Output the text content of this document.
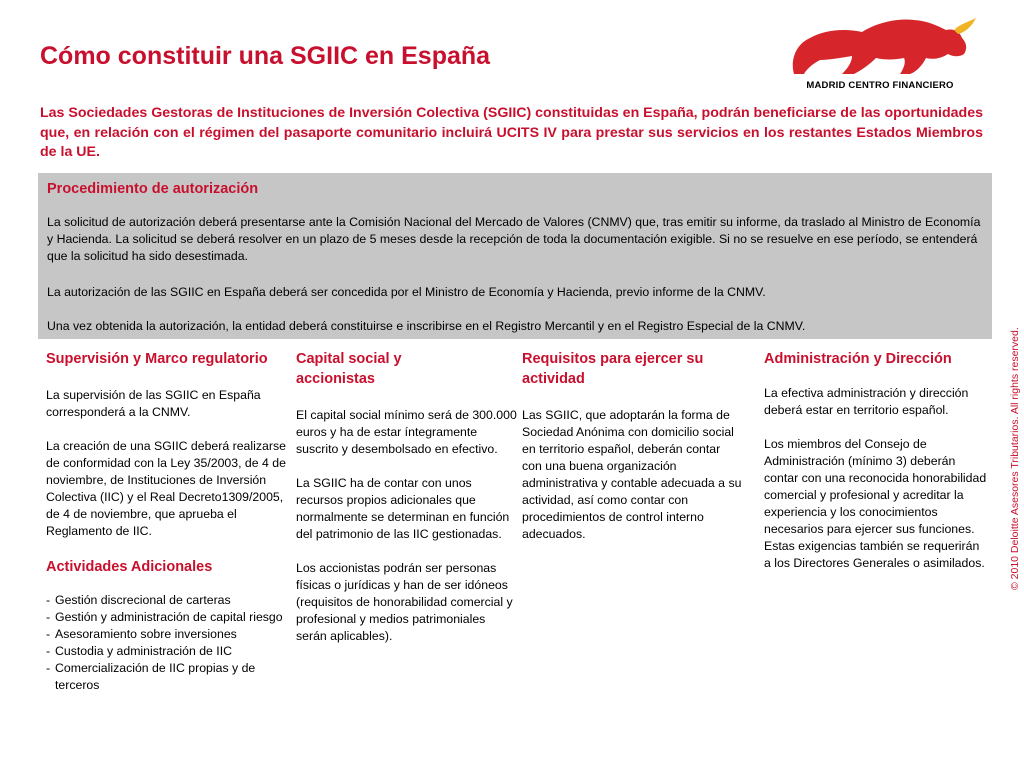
Cómo constituir una SGIIC en España
MADRID CENTRO FINANCIERO

Las Sociedades Gestoras de Instituciones de Inversión Colectiva (SGIIC) constituidas en España, podrán beneficiarse de las oportunidades que, en relación con el régimen del pasaporte comunitario incluirá UCITS IV para prestar sus servicios en los restantes Estados Miembros de la UE.

Procedimiento de autorización

La solicitud de autorización deberá presentarse ante la Comisión Nacional del Mercado de Valores (CNMV) que, tras emitir su informe, da traslado al Ministro de Economía y Hacienda. La solicitud se deberá resolver en un plazo de 5 meses desde la recepción de toda la documentación exigible. Si no se resuelve en ese período, se entenderá que la solicitud ha sido desestimada.

La autorización de las SGIIC en España deberá ser concedida por el Ministro de Economía y Hacienda, previo informe de la CNMV.

Una vez obtenida la autorización, la entidad deberá constituirse e inscribirse en el Registro Mercantil y en el Registro Especial de la CNMV.

Supervisión y Marco regulatorio

La supervisión de las SGIIC en España corresponderá a la CNMV.

La creación de una SGIIC deberá realizarse de conformidad con la Ley 35/2003, de 4 de noviembre, de Instituciones de Inversión Colectiva (IIC) y el Real Decreto1309/2005, de 4 de noviembre, que aprueba el Reglamento de IIC.

Actividades Adicionales
- Gestión discrecional de carteras
- Gestión y administración de capital riesgo
- Asesoramiento sobre inversiones
- Custodia y administración de IIC
- Comercialización de IIC propias y de terceros
Capital social y accionistas

El capital social mínimo será de 300.000 euros y ha de estar íntegramente suscrito y desembolsado en efectivo.

La SGIIC ha de contar con unos recursos propios adicionales que normalmente se determinan en función del patrimonio de las IIC gestionadas.

Los accionistas podrán ser personas físicas o jurídicas y han de ser idóneos (requisitos de honorabilidad comercial y profesional y medios patrimoniales serán aplicables).

Requisitos para ejercer su actividad

Las SGIIC, que adoptarán la forma de Sociedad Anónima con domicilio social en territorio español, deberán contar con una buena organización administrativa y contable adecuada a su actividad, así como contar con procedimientos de control interno adecuados.

Administración y Dirección

La efectiva administración y dirección deberá estar en territorio español.

Los miembros del Consejo de Administración (mínimo 3) deberán contar con una reconocida honorabilidad comercial y profesional y acreditar la experiencia y los conocimientos necesarios para ejercer sus funciones. Estas exigencias también se requerirán a los Directores Generales o asimilados.	© 2010 Deloitte Asesores Tributarios. All rights reserved.
